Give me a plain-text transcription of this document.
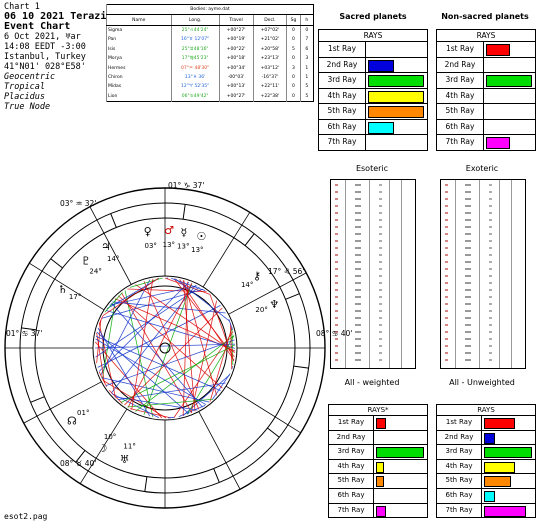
Chart 1
06 10 2021 Terazi
Event Chart
6 Oct 2021, ♅ar
14:08 EEDT -3:00
Istanbul, Turkey
41°N01' 028°E58'
Geocentric
Tropical
Placidus
True Node
Bodies: ayme.dat					
Name	Long.	Travel	Decl.	Sg	h
Sigma	25°♌44'24"	+00°27'	+07°02'	0	0
Pan	16°♉ 12'07"	+00°19'	+21°02'	0	7
Isis	25°♊48'16"	+00°22'	+20°58'	5	6
Morya	17°♍45'23"	+00°18'	+23°13'	0	3
Hermes	07°♒ 48'30"	+00°34'	+03°12'	3	1
Chiron	13°♓ 36'	-00°03'	-16°37'	0	1
Midas	12°♈ 52'35"	+00°13'	+22°11'	0	5
Lion	06°♋49'42"	+00°27'	+22°38'	0	5
Sacred planets	Non-sacred planets
RAYS
1st Ray
2nd Ray
3rd Ray
4th Ray
5th Ray
6th Ray
7th Ray
RAYS
1st Ray
2nd Ray
3rd Ray
4th Ray
5th Ray
6th Ray
7th Ray
Esoteric	Exoteric
All - weighted	All - Unweighted
RAYS*
1st Ray
2nd Ray
3rd Ray
4th Ray
5th Ray
6th Ray
7th Ray
RAYS
1st Ray
2nd Ray
3rd Ray
4th Ray
5th Ray
6th Ray
7th Ray
01° ♑ 37'
17° ♌ 56'
08° ♋ 40'
01° ♋ 37'
03° ♒ 32'
08° ♉ 40'
♀
03°
♂
13°
☿
13°
☉
13°
♃
14°
♇
24°
♄
17°
⚷
14°
♆
20°
♅
11°
☽
10°
☊
01°
esot2.pag
